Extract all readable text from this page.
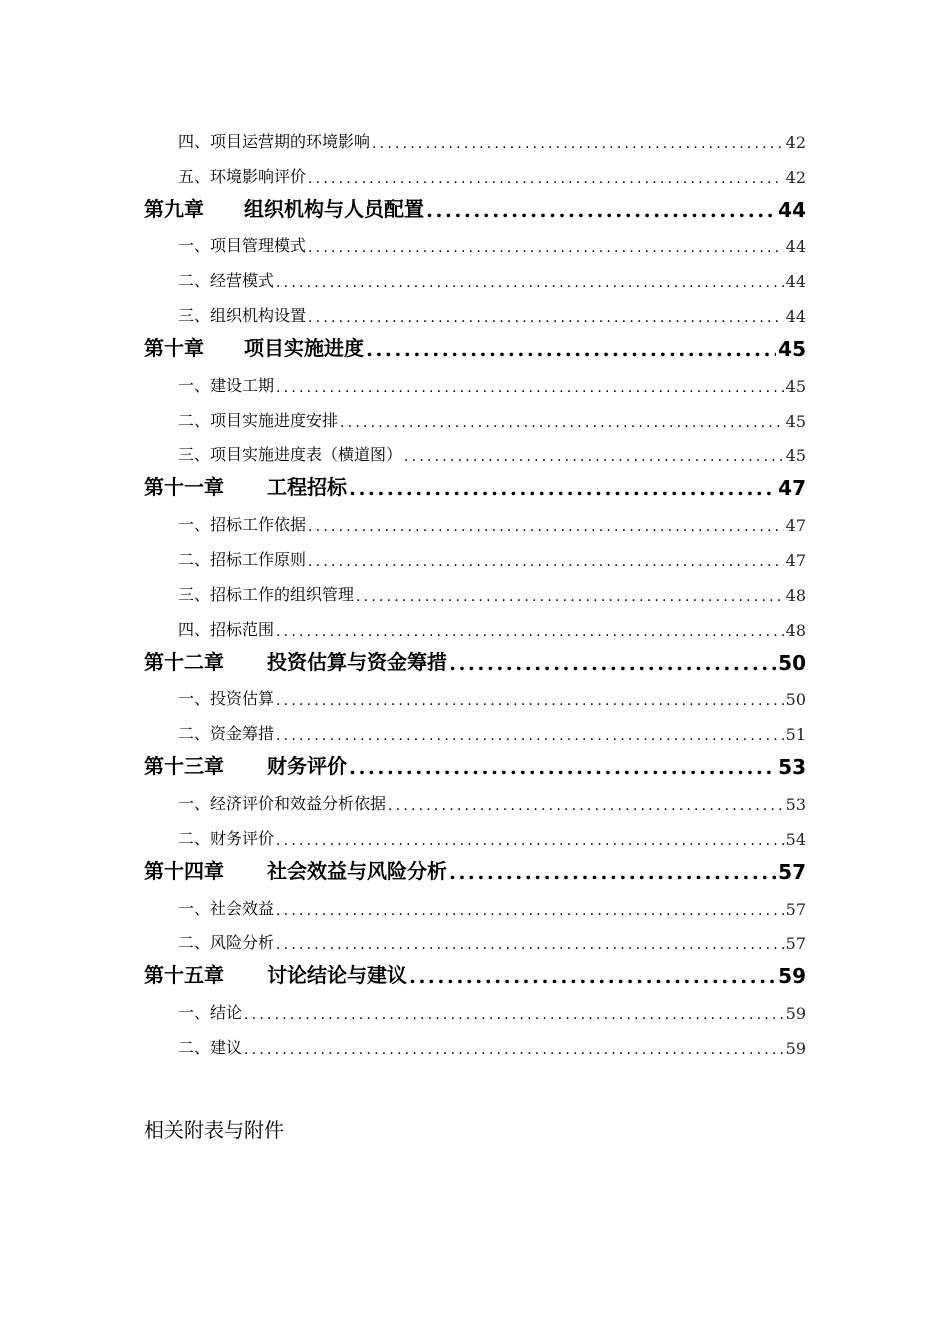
四、项目运营期的环境影响 .....	42
五、环境影响评价 .....	42
第九章	组织机构与人员配置 .....	44
一、项目管理模式 .....	44
二、经营模式 .....	44
三、组织机构设置 .....	44
第十章	项目实施进度 .....	45
一、建设工期 .....	45
二、项目实施进度安排 .....	45
三、项目实施进度表（横道图） .....	45
第十一章	工程招标 .....	47
一、招标工作依据 .....	47
二、招标工作原则 .....	47
三、招标工作的组织管理 .....	48
四、招标范围 .....	48
第十二章	投资估算与资金筹措 .....	50
一、投资估算 .....	50
二、资金筹措 .....	51
第十三章	财务评价 .....	53
一、经济评价和效益分析依据 .....	53
二、财务评价 .....	54
第十四章	社会效益与风险分析 .....	57
一、社会效益 .....	57
二、风险分析 .....	57
第十五章	讨论结论与建议 .....	59
一、结论 .....	59
二、建议 .....	59
相关附表与附件
